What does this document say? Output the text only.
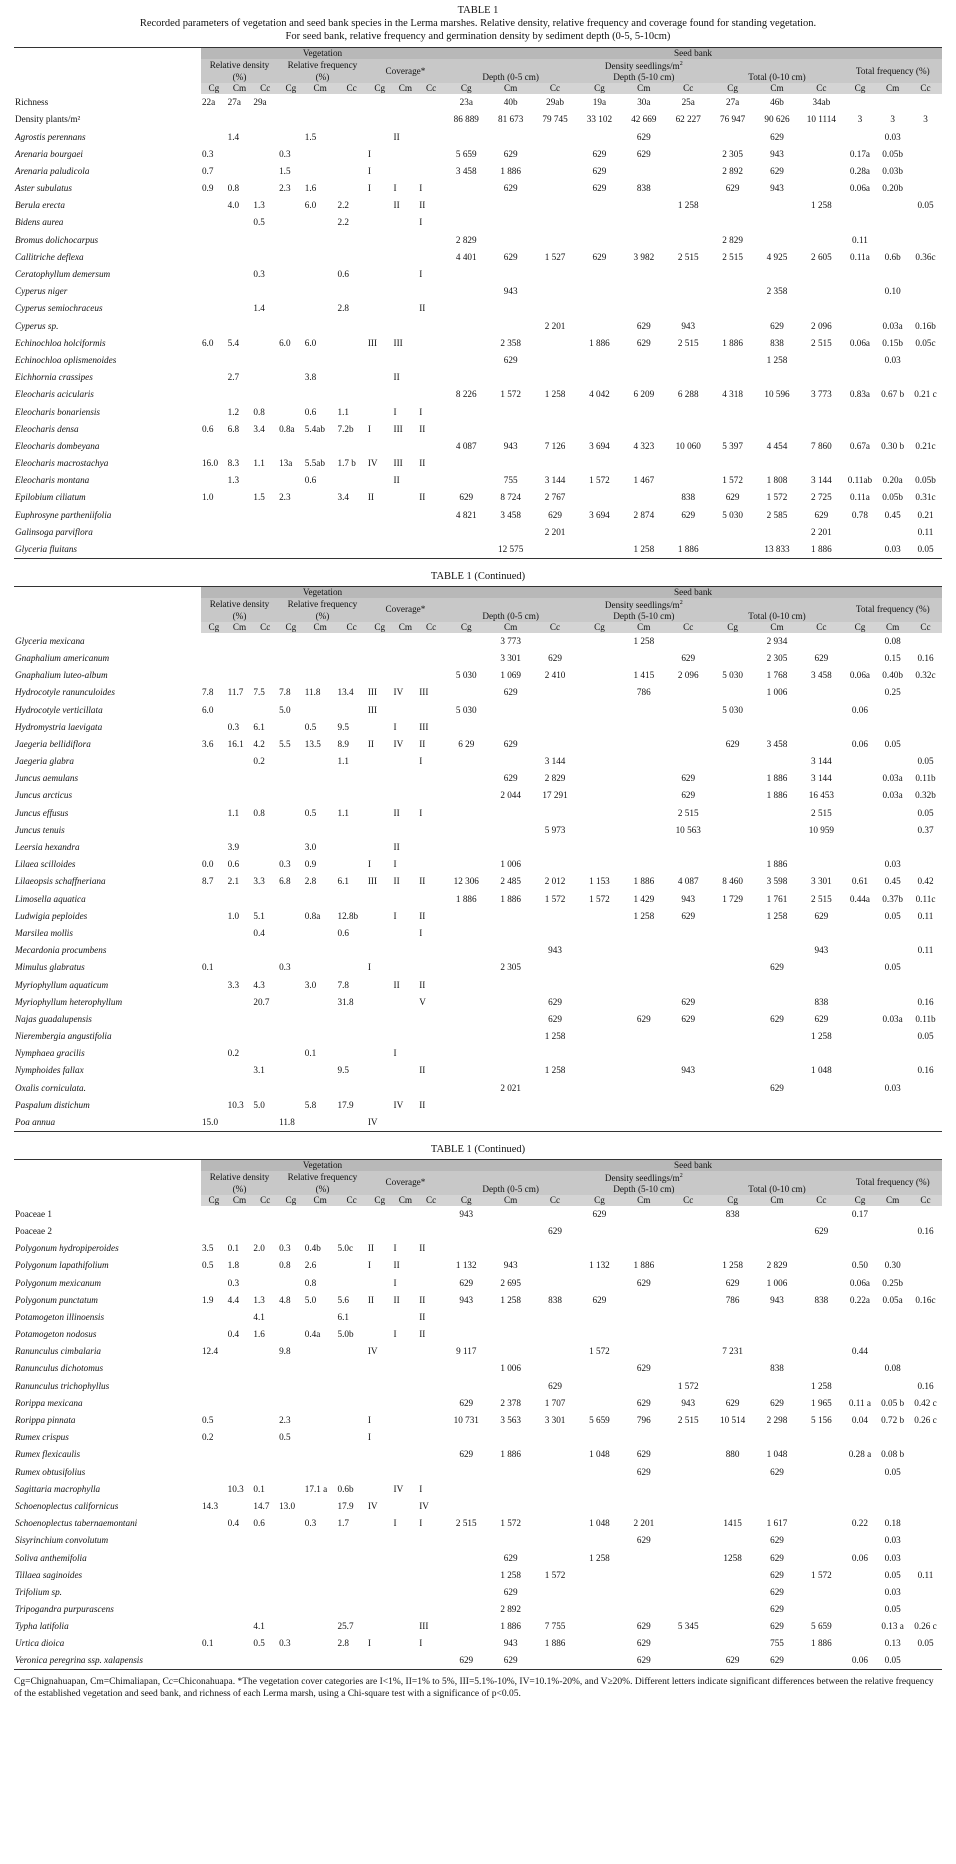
TABLE 1
Recorded parameters of vegetation and seed bank species in the Lerma marshes. Relative density, relative frequency and coverage found for standing vegetation.
For seed bank, relative frequency and germination density by sediment depth (0-5, 5-10cm)
	Vegetation									Seed bank											
	Relative density			Relative frequency			Coverage*			Density seedlings/$m^2$									Total frequency (%)		
	(%)			(%)						Depth (0-5 cm)			Depth (5-10 cm)			Total (0-10 cm)					
	Cg	Cm	Cc	Cg	Cm	Cc	Cg	Cm	Cc	Cg	Cm	Cc	Cg	Cm	Cc	Cg	Cm	Cc	Cg	Cm	Cc
Richness	22a	27a	29a							23a	40b	29ab	19a	30a	25a	27a	46b	34ab			
Density plants/m²										86 889	81 673	79 745	33 102	42 669	62 227	76 947	90 626	10 1114	3	3	3
Agrostis perennans		1.4			1.5			II						629			629			0.03	
Arenaria bourgaei	0.3			0.3			I			5 659	629		629	629		2 305	943		0.17a	0.05b	
Arenaria paludicola	0.7			1.5			I			3 458	1 886		629			2 892	629		0.28a	0.03b	
Aster subulatus	0.9	0.8		2.3	1.6		I	I	I		629		629	838		629	943		0.06a	0.20b	
Berula erecta		4.0	1.3		6.0	2.2		II	II						1 258			1 258			0.05
Bidens aurea			0.5			2.2			I												
Bromus dolichocarpus										2 829						2 829			0.11		
Callitriche deflexa										4 401	629	1 527	629	3 982	2 515	2 515	4 925	2 605	0.11a	0.6b	0.36c
Ceratophyllum demersum			0.3			0.6			I												
Cyperus niger											943						2 358			0.10	
Cyperus semiochraceus			1.4			2.8			II												
Cyperus sp.												2 201		629	943		629	2 096		0.03a	0.16b
Echinochloa holciformis	6.0	5.4		6.0	6.0		III	III			2 358		1 886	629	2 515	1 886	838	2 515	0.06a	0.15b	0.05c
Echinochloa oplismenoides											629						1 258			0.03	
Eichhornia crassipes		2.7			3.8			II													
Eleocharis acicularis										8 226	1 572	1 258	4 042	6 209	6 288	4 318	10 596	3 773	0.83a	0.67 b	0.21 c
Eleocharis bonariensis		1.2	0.8		0.6	1.1		I	I												
Eleocharis densa	0.6	6.8	3.4	0.8a	5.4ab	7.2b	I	III	II												
Eleocharis dombeyana										4 087	943	7 126	3 694	4 323	10 060	5 397	4 454	7 860	0.67a	0.30 b	0.21c
Eleocharis macrostachya	16.0	8.3	1.1	13a	5.5ab	1.7 b	IV	III	II												
Eleocharis montana		1.3			0.6			II			755	3 144	1 572	1 467		1 572	1 808	3 144	0.11ab	0.20a	0.05b
Epilobium ciliatum	1.0		1.5	2.3		3.4	II		II	629	8 724	2 767			838	629	1 572	2 725	0.11a	0.05b	0.31c
Euphrosyne partheniifolia										4 821	3 458	629	3 694	2 874	629	5 030	2 585	629	0.78	0.45	0.21
Galinsoga parviflora												2 201						2 201			0.11
Glyceria fluitans											12 575			1 258	1 886		13 833	1 886		0.03	0.05
TABLE 1 (Continued)
	Vegetation									Seed bank											
	Relative density			Relative frequency			Coverage*			Density seedlings/$m^2$									Total frequency (%)		
	(%)			(%)						Depth (0-5 cm)			Depth (5-10 cm)			Total (0-10 cm)					
	Cg	Cm	Cc	Cg	Cm	Cc	Cg	Cm	Cc	Cg	Cm	Cc	Cg	Cm	Cc	Cg	Cm	Cc	Cg	Cm	Cc
Glyceria mexicana											3 773			1 258			2 934			0.08	
Gnaphalium americanum											3 301	629			629		2 305	629		0.15	0.16
Gnaphalium luteo-album										5 030	1 069	2 410		1 415	2 096	5 030	1 768	3 458	0.06a	0.40b	0.32c
Hydrocotyle ranunculoides	7.8	11.7	7.5	7.8	11.8	13.4	III	IV	III		629			786			1 006			0.25	
Hydrocotyle verticillata	6.0			5.0			III			5 030						5 030			0.06		
Hydromystria laevigata		0.3	6.1		0.5	9.5		I	III												
Jaegeria bellidiflora	3.6	16.1	4.2	5.5	13.5	8.9	II	IV	II	6 29	629					629	3 458		0.06	0.05	
Jaegeria glabra			0.2			1.1			I			3 144						3 144			0.05
Juncus aemulans											629	2 829			629		1 886	3 144		0.03a	0.11b
Juncus arcticus											2 044	17 291			629		1 886	16 453		0.03a	0.32b
Juncus effusus		1.1	0.8		0.5	1.1		II	I						2 515			2 515			0.05
Juncus tenuis												5 973			10 563			10 959			0.37
Leersia hexandra		3.9			3.0			II													
Lilaea scilloides	0.0	0.6		0.3	0.9		I	I			1 006						1 886			0.03	
Lilaeopsis schaffneriana	8.7	2.1	3.3	6.8	2.8	6.1	III	II	II	12 306	2 485	2 012	1 153	1 886	4 087	8 460	3 598	3 301	0.61	0.45	0.42
Limosella aquatica										1 886	1 886	1 572	1 572	1 429	943	1 729	1 761	2 515	0.44a	0.37b	0.11c
Ludwigia peploides		1.0	5.1		0.8a	12.8b		I	II					1 258	629		1 258	629		0.05	0.11
Marsilea mollis			0.4			0.6			I												
Mecardonia procumbens												943						943			0.11
Mimulus glabratus	0.1			0.3			I				2 305						629			0.05	
Myriophyllum aquaticum		3.3	4.3		3.0	7.8		II	II												
Myriophyllum heterophyllum			20.7			31.8			V			629			629			838			0.16
Najas guadalupensis												629		629	629		629	629		0.03a	0.11b
Nierembergia angustifolia												1 258						1 258			0.05
Nymphaea gracilis		0.2			0.1			I													
Nymphoides fallax			3.1			9.5			II			1 258			943			1 048			0.16
Oxalis corniculata.											2 021						629			0.03	
Paspalum distichum		10.3	5.0		5.8	17.9		IV	II												
Poa annua	15.0			11.8			IV														
TABLE 1 (Continued)
	Vegetation									Seed bank											
	Relative density			Relative frequency			Coverage*			Density seedlings/$m^2$									Total frequency (%)		
	(%)			(%)						Depth (0-5 cm)			Depth (5-10 cm)			Total (0-10 cm)					
	Cg	Cm	Cc	Cg	Cm	Cc	Cg	Cm	Cc	Cg	Cm	Cc	Cg	Cm	Cc	Cg	Cm	Cc	Cg	Cm	Cc
Poaceae 1										943			629			838			0.17		
Poaceae 2												629						629			0.16
Polygonum hydropiperoides	3.5	0.1	2.0	0.3	0.4b	5.0c	II	I	II												
Polygonum lapathifolium	0.5	1.8		0.8	2.6		I	II		1 132	943		1 132	1 886		1 258	2 829		0.50	0.30	
Polygonum mexicanum		0.3			0.8			I		629	2 695			629		629	1 006		0.06a	0.25b	
Polygonum punctatum	1.9	4.4	1.3	4.8	5.0	5.6	II	II	II	943	1 258	838	629			786	943	838	0.22a	0.05a	0.16c
Potamogeton illinoensis			4.1			6.1			II												
Potamogeton nodosus		0.4	1.6		0.4a	5.0b		I	II												
Ranunculus cimbalaria	12.4			9.8			IV			9 117			1 572			7 231			0.44		
Ranunculus dichotomus											1 006			629			838			0.08	
Ranunculus trichophyllus												629			1 572			1 258			0.16
Rorippa mexicana										629	2 378	1 707		629	943	629	629	1 965	0.11 a	0.05 b	0.42 c
Rorippa pinnata	0.5			2.3			I			10 731	3 563	3 301	5 659	796	2 515	10 514	2 298	5 156	0.04	0.72 b	0.26 c
Rumex crispus	0.2			0.5			I														
Rumex flexicaulis										629	1 886		1 048	629		880	1 048		0.28 a	0.08 b	
Rumex obtusifolius														629			629			0.05	
Sagittaria macrophylla		10.3	0.1		17.1 a	0.6b		IV	I												
Schoenoplectus californicus	14.3		14.7	13.0		17.9	IV		IV												
Schoenoplectus tabernaemontani		0.4	0.6		0.3	1.7		I	I	2 515	1 572		1 048	2 201		1415	1 617		0.22	0.18	
Sisyrinchium convolutum														629			629			0.03	
Soliva anthemifolia											629		1 258			1258	629		0.06	0.03	
Tillaea saginoides											1 258	1 572					629	1 572		0.05	0.11
Trifolium sp.											629						629			0.03	
Tripogandra purpurascens											2 892						629			0.05	
Typha latifolia			4.1			25.7			III		1 886	7 755		629	5 345		629	5 659		0.13 a	0.26 c
Urtica dioica	0.1		0.5	0.3		2.8	I		I		943	1 886		629			755	1 886		0.13	0.05
Veronica peregrina ssp. xalapensis										629	629			629		629	629		0.06	0.05	
Cg=Chignahuapan, Cm=Chimaliapan, Cc=Chiconahuapa. *The vegetation cover categories are I<1%, II=1% to 5%, III=5.1%-10%, IV=10.1%-20%, and V≥20%. Different letters indicate significant differences between the relative frequency of the established vegetation and seed bank, and richness of each Lerma marsh, using a Chi-square test with a significance of p<0.05.
